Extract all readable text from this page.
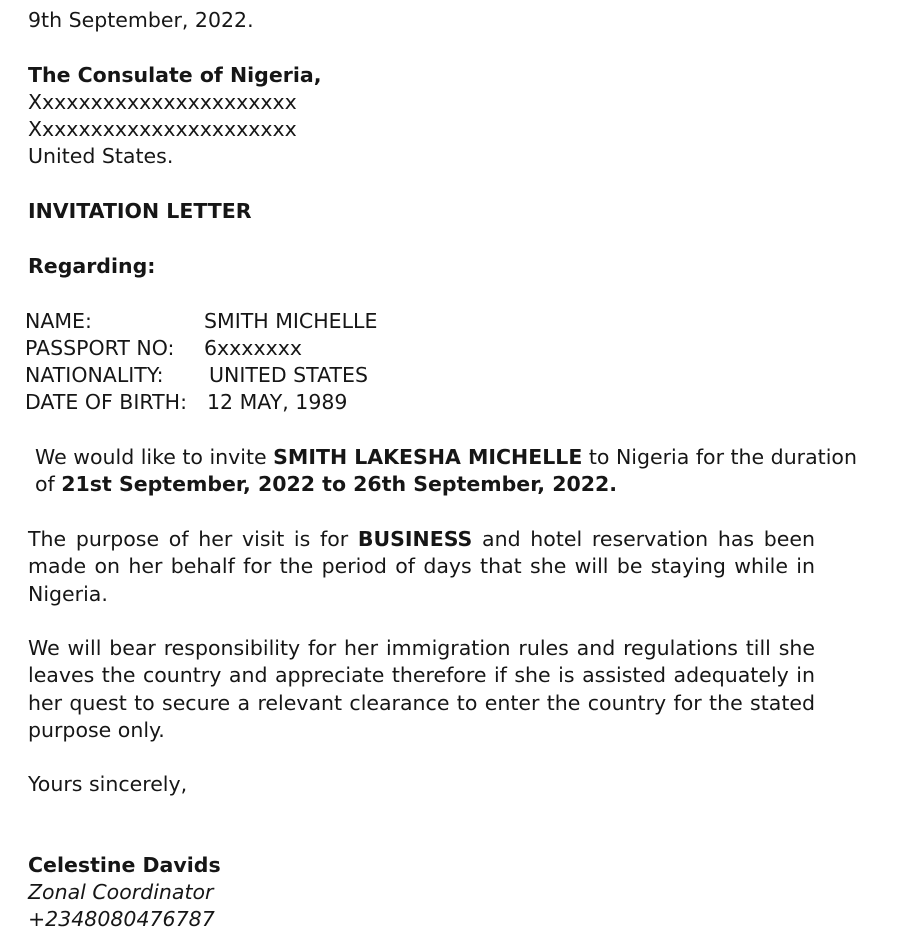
9th September, 2022.
The Consulate of Nigeria,
Xxxxxxxxxxxxxxxxxxxxxx
Xxxxxxxxxxxxxxxxxxxxxx
United States.
INVITATION LETTER
Regarding:
NAME:	SMITH MICHELLE
PASSPORT NO: 6xxxxxxx
NATIONALITY: UNITED STATES
DATE OF BIRTH: 12 MAY, 1989
We would like to invite SMITH LAKESHA MICHELLE to Nigeria for the duration
of 21st September, 2022 to 26th September, 2022.
The purpose of her visit is for BUSINESS and hotel reservation has been made on her behalf for the period of days that she will be staying while in Nigeria.
We will bear responsibility for her immigration rules and regulations till she leaves the country and appreciate therefore if she is assisted adequately in her quest to secure a relevant clearance to enter the country for the stated purpose only.
Yours sincerely,
Celestine Davids
Zonal Coordinator
+2348080476787
